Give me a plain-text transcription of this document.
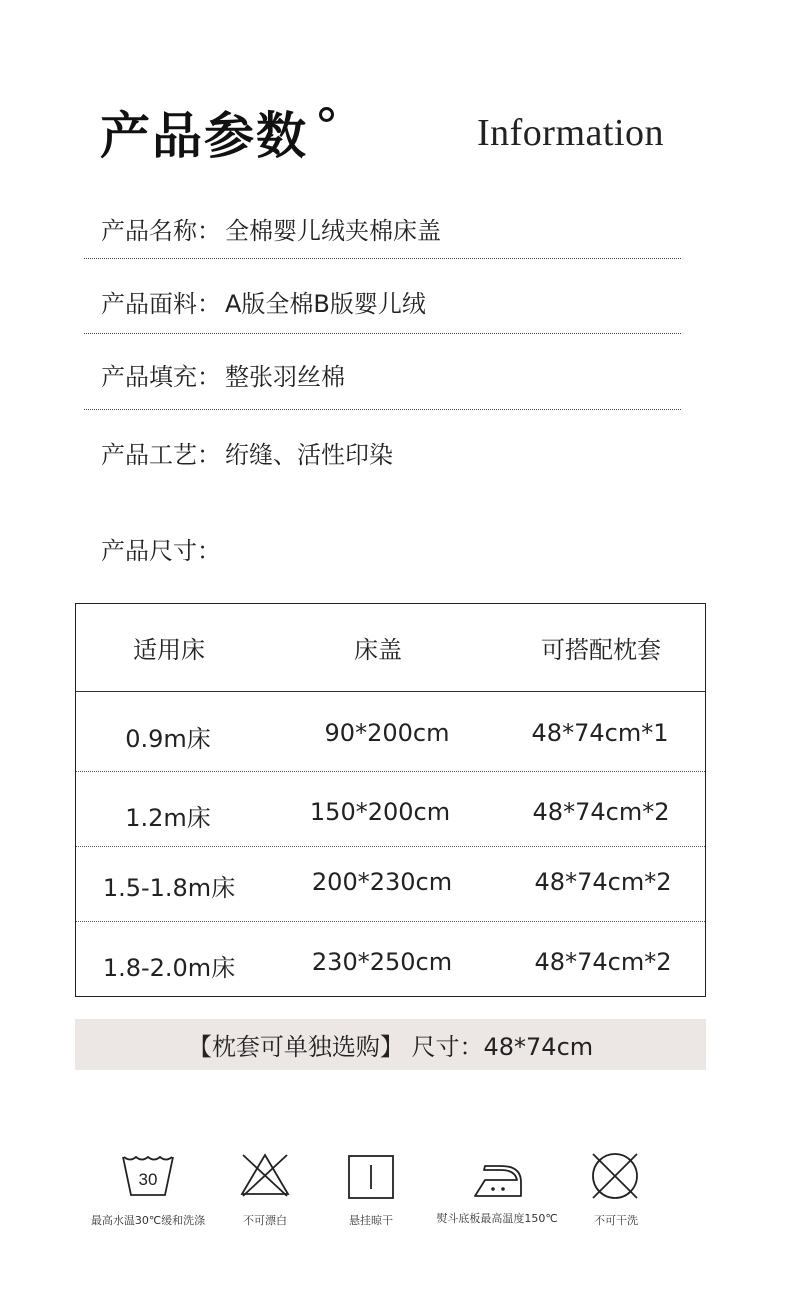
产品参数	Information
产品名称： 全棉婴儿绒夹棉床盖
产品面料： A版全棉B版婴儿绒
产品填充： 整张羽丝棉
产品工艺： 绗缝、活性印染
产品尺寸：
适用床	床盖	可搭配枕套
0.9m床	90*200cm	48*74cm*1
1.2m床	150*200cm	48*74cm*2
1.5-1.8m床	200*230cm	48*74cm*2
1.8-2.0m床	230*250cm	48*74cm*2
【枕套可单独选购】 尺寸：48*74cm
30
最高水温30℃缓和洗涤	不可漂白	悬挂晾干	熨斗底板最高温度150℃	不可干洗
